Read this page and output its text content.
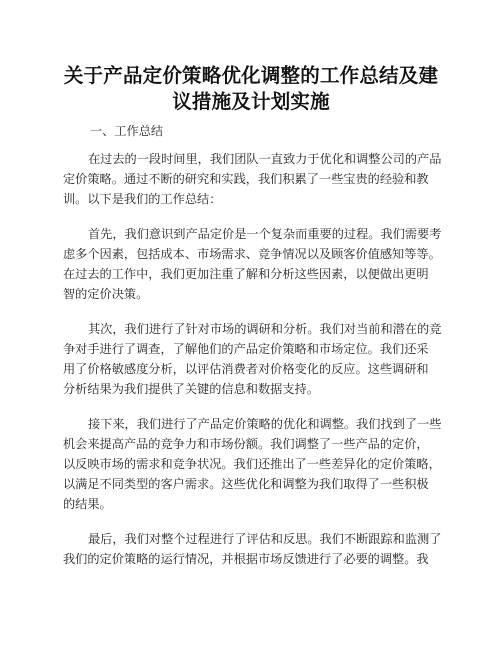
关于产品定价策略优化调整的工作总结及建
议措施及计划实施
一、工作总结
在过去的一段时间里，我们团队一直致力于优化和调整公司的产品
定价策略。通过不断的研究和实践，我们积累了一些宝贵的经验和教
训。以下是我们的工作总结：
首先，我们意识到产品定价是一个复杂而重要的过程。我们需要考
虑多个因素，包括成本、市场需求、竞争情况以及顾客价值感知等等。
在过去的工作中，我们更加注重了解和分析这些因素，以便做出更明
智的定价决策。
其次，我们进行了针对市场的调研和分析。我们对当前和潜在的竞
争对手进行了调查，了解他们的产品定价策略和市场定位。我们还采
用了价格敏感度分析，以评估消费者对价格变化的反应。这些调研和
分析结果为我们提供了关键的信息和数据支持。
接下来，我们进行了产品定价策略的优化和调整。我们找到了一些
机会来提高产品的竞争力和市场份额。我们调整了一些产品的定价，
以反映市场的需求和竞争状况。我们还推出了一些差异化的定价策略，
以满足不同类型的客户需求。这些优化和调整为我们取得了一些积极
的结果。
最后，我们对整个过程进行了评估和反思。我们不断跟踪和监测了
我们的定价策略的运行情况，并根据市场反馈进行了必要的调整。我
